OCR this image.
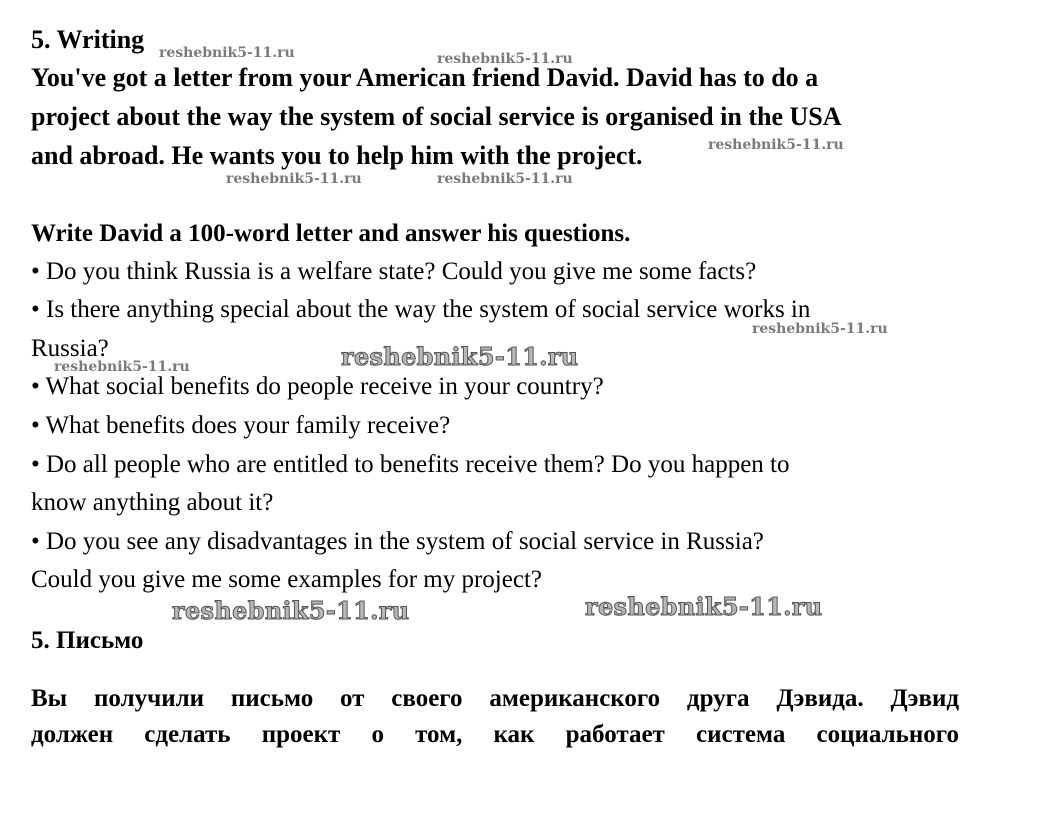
5. Writing
You've got a letter from your American friend David. David has to do a
project about the way the system of social service is organised in the USA
and abroad. He wants you to help him with the project.
Write David a 100-word letter and answer his questions.
• Do you think Russia is a welfare state? Could you give me some facts?
• Is there anything special about the way the system of social service works in
Russia?
• What social benefits do people receive in your country?
• What benefits does your family receive?
• Do all people who are entitled to benefits receive them? Do you happen to
know anything about it?
• Do you see any disadvantages in the system of social service in Russia?
Could you give me some examples for my project?
5. Письмо
Вы получили письмо от своего американского друга Дэвида. Дэвид
должен сделать проект о том, как работает система социального
reshebnik5-11.ru	reshebnik5-11.ru
reshebnik5-11.ru
reshebnik5-11.ru	reshebnik5-11.ru
reshebnik5-11.ru
reshebnik5-11.ru	reshebnik5-11.ru
reshebnik5-11.ru	reshebnik5-11.ru
